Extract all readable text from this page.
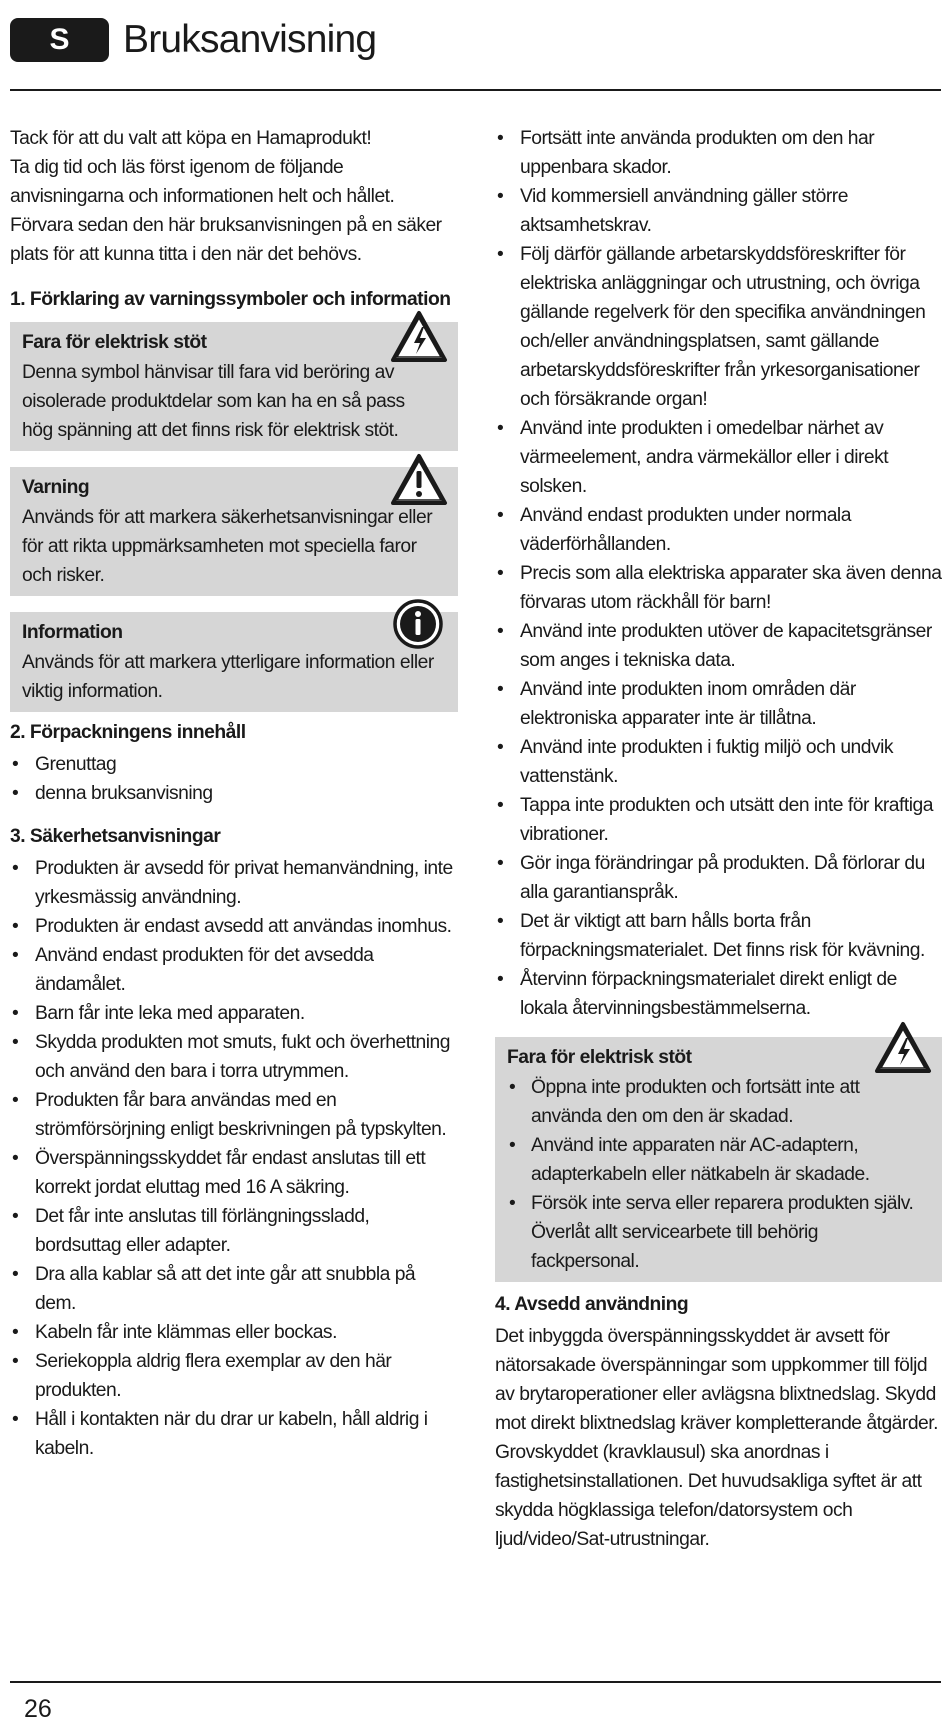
S	Bruksanvisning

Tack för att du valt att köpa en Hamaprodukt!

Ta dig tid och läs först igenom de följande anvisningarna och informationen helt och hållet. Förvara sedan den här bruksanvisningen på en säker plats för att kunna titta i den när det behövs.

1. Förklaring av varningssymboler och information
Fara för elektrisk stöt
Denna symbol hänvisar till fara vid beröring av oisolerade produktdelar som kan ha en så pass hög spänning att det finns risk för elektrisk stöt.
Varning
Används för att markera säkerhetsanvisningar eller för att rikta uppmärksamheten mot speciella faror och risker.
Information
Används för att markera ytterligare information eller viktig information.
2. Förpackningens innehåll
• Grenuttag
• denna bruksanvisning
3. Säkerhetsanvisningar
• Produkten är avsedd för privat hemanvändning, inte yrkesmässig användning.
• Produkten är endast avsedd att användas inomhus.
• Använd endast produkten för det avsedda ändamålet.
• Barn får inte leka med apparaten.
• Skydda produkten mot smuts, fukt och överhettning och använd den bara i torra utrymmen.
• Produkten får bara användas med en strömförsörjning enligt beskrivningen på typskylten.
• Överspänningsskyddet får endast anslutas till ett korrekt jordat eluttag med 16 A säkring.
• Det får inte anslutas till förlängningssladd, bordsuttag eller adapter.
• Dra alla kablar så att det inte går att snubbla på dem.
• Kabeln får inte klämmas eller bockas.
• Seriekoppla aldrig flera exemplar av den här produkten.
• Håll i kontakten när du drar ur kabeln, håll aldrig i kabeln.
• Fortsätt inte använda produkten om den har uppenbara skador.
• Vid kommersiell användning gäller större aktsamhetskrav.
• Följ därför gällande arbetarskyddsföreskrifter för elektriska anläggningar och utrustning, och övriga gällande regelverk för den specifika användningen och/eller användningsplatsen, samt gällande arbetarskyddsföreskrifter från yrkesorganisationer och försäkrande organ!
• Använd inte produkten i omedelbar närhet av värmeelement, andra värmekällor eller i direkt solsken.
• Använd endast produkten under normala väderförhållanden.
• Precis som alla elektriska apparater ska även denna förvaras utom räckhåll för barn!
• Använd inte produkten utöver de kapacitetsgränser som anges i tekniska data.
• Använd inte produkten inom områden där elektroniska apparater inte är tillåtna.
• Använd inte produkten i fuktig miljö och undvik vattenstänk.
• Tappa inte produkten och utsätt den inte för kraftiga vibrationer.
• Gör inga förändringar på produkten. Då förlorar du alla garantianspråk.
• Det är viktigt att barn hålls borta från förpackningsmaterialet. Det finns risk för kvävning.
• Återvinn förpackningsmaterialet direkt enligt de lokala återvinningsbestämmelserna.
Fara för elektrisk stöt
• Öppna inte produkten och fortsätt inte att använda den om den är skadad.
• Använd inte apparaten när AC-adaptern, adapterkabeln eller nätkabeln är skadade.
• Försök inte serva eller reparera produkten själv. Överlåt allt servicearbete till behörig fackpersonal.
4. Avsedd användning

Det inbyggda överspänningsskyddet är avsett för nätorsakade överspänningar som uppkommer till följd av brytaroperationer eller avlägsna blixtnedslag. Skydd mot direkt blixtnedslag kräver kompletterande åtgärder. Grovskyddet (kravklausul) ska anordnas i fastighetsinstallationen. Det huvudsakliga syftet är att skydda högklassiga telefon/datorsystem och ljud/video/Sat-utrustningar.

26
